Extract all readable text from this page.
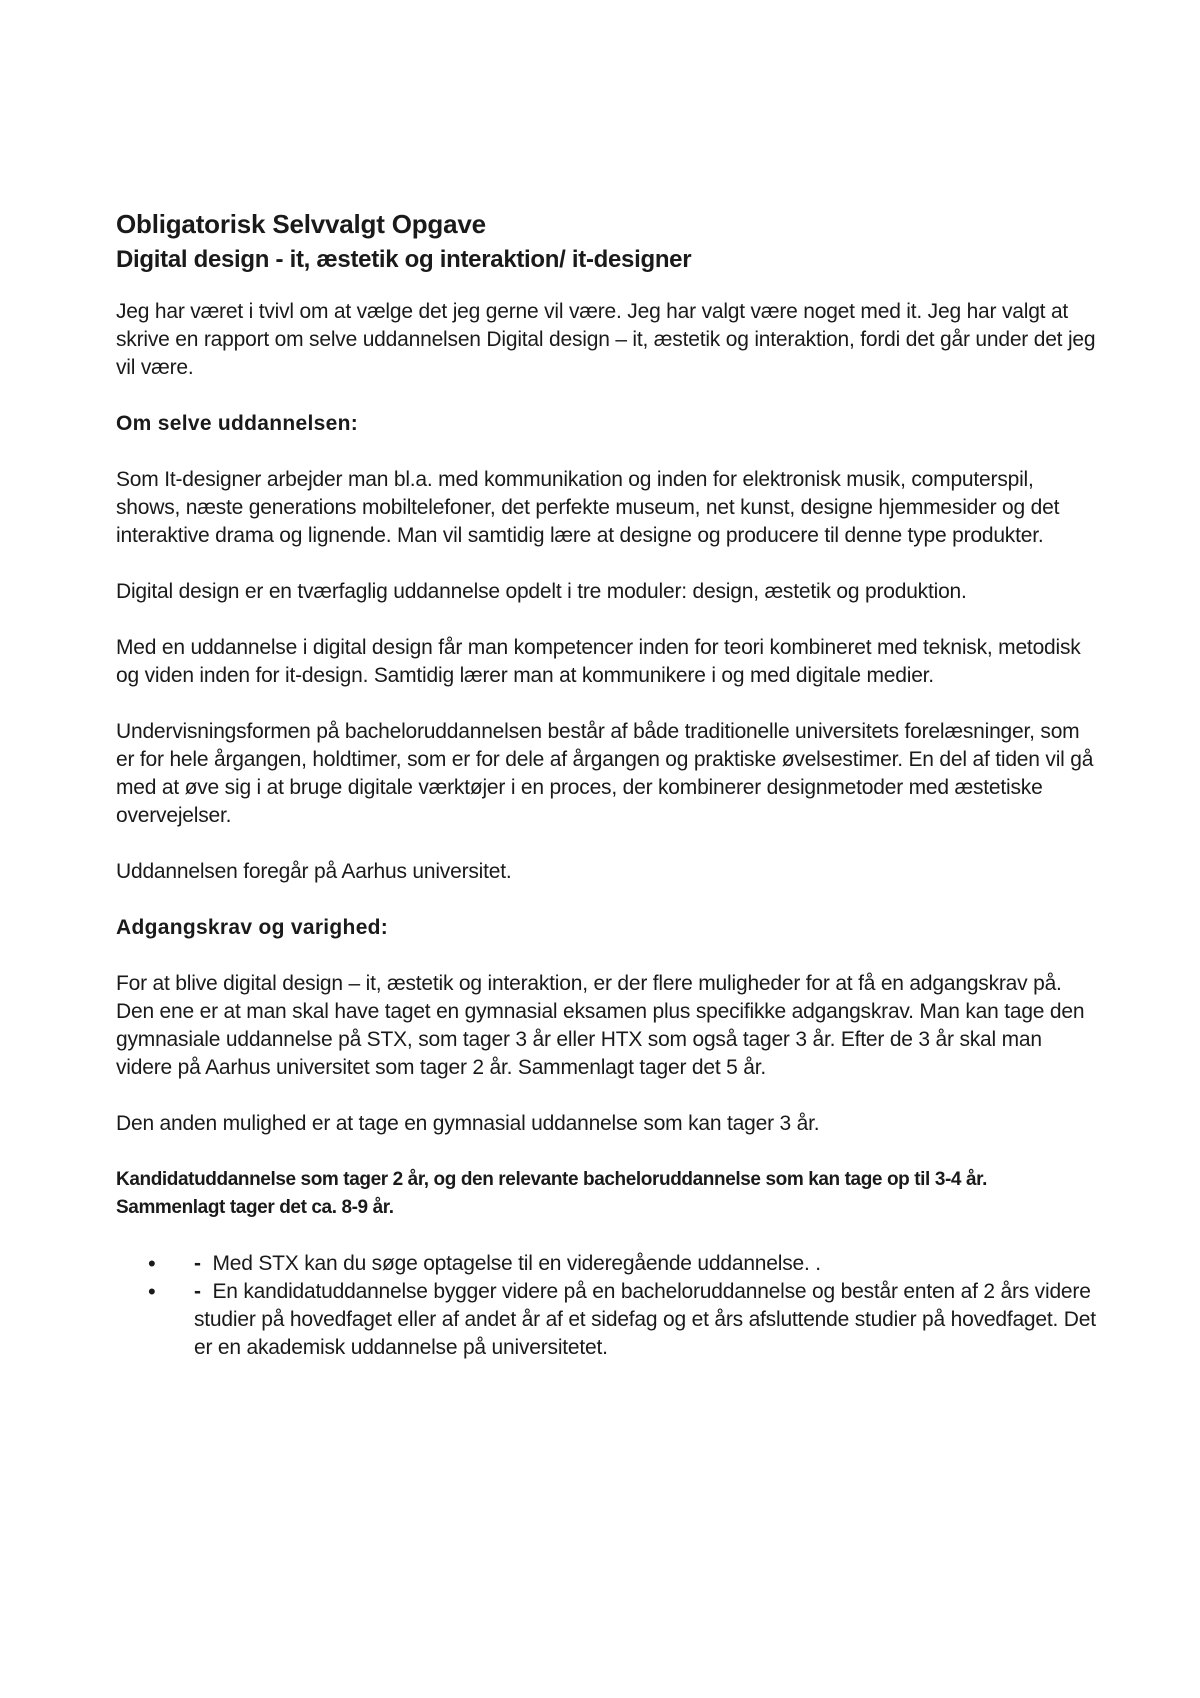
Obligatorisk Selvvalgt Opgave
Digital design - it, æstetik og interaktion/ it-designer

Jeg har været i tvivl om at vælge det jeg gerne vil være. Jeg har valgt være noget med it. Jeg har valgt at skrive en rapport om selve uddannelsen Digital design – it, æstetik og interaktion, fordi det går under det jeg vil være.

Om selve uddannelsen:

Som It-designer arbejder man bl.a. med kommunikation og inden for elektronisk musik, computerspil, shows, næste generations mobiltelefoner, det perfekte museum, net kunst, designe hjemmesider og det interaktive drama og lignende. Man vil samtidig lære at designe og producere til denne type produkter.

Digital design er en tværfaglig uddannelse opdelt i tre moduler: design, æstetik og produktion.

Med en uddannelse i digital design får man kompetencer inden for teori kombineret med teknisk, metodisk og viden inden for it-design. Samtidig lærer man at kommunikere i og med digitale medier.

Undervisningsformen på bacheloruddannelsen består af både traditionelle universitets forelæsninger, som er for hele årgangen, holdtimer, som er for dele af årgangen og praktiske øvelsestimer. En del af tiden vil gå med at øve sig i at bruge digitale værktøjer i en proces, der kombinerer designmetoder med æstetiske overvejelser.

Uddannelsen foregår på Aarhus universitet.

Adgangskrav og varighed:

For at blive digital design – it, æstetik og interaktion, er der flere muligheder for at få en adgangskrav på. Den ene er at man skal have taget en gymnasial eksamen plus specifikke adgangskrav. Man kan tage den gymnasiale uddannelse på STX, som tager 3 år eller HTX som også tager 3 år. Efter de 3 år skal man videre på Aarhus universitet som tager 2 år. Sammenlagt tager det 5 år.

Den anden mulighed er at tage en gymnasial uddannelse som kan tager 3 år.

Kandidatuddannelse som tager 2 år, og den relevante bacheloruddannelse som kan tage op til 3-4 år. Sammenlagt tager det ca. 8-9 år.

• - Med STX kan du søge optagelse til en videregående uddannelse. .
• - En kandidatuddannelse bygger videre på en bacheloruddannelse og består enten af 2 års videre studier på hovedfaget eller af andet år af et sidefag og et års afsluttende studier på hovedfaget. Det er en akademisk uddannelse på universitetet.
